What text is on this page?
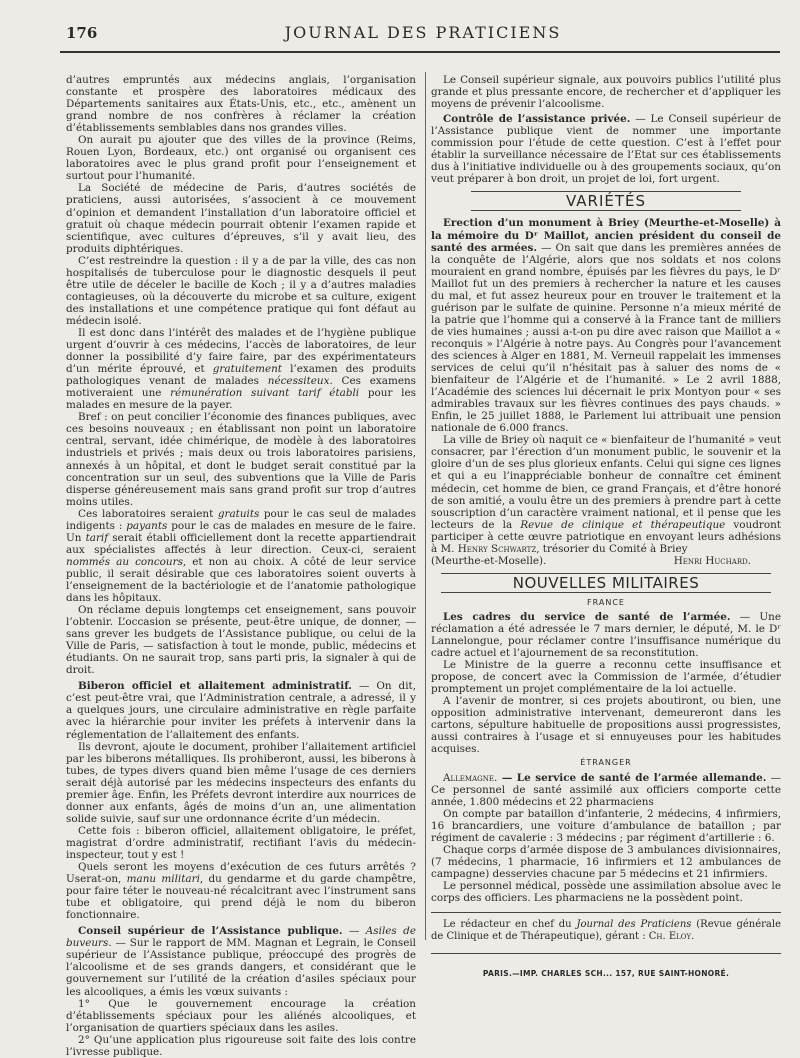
176	JOURNAL DES PRATICIENS

d’autres empruntés aux médecins anglais, l’organisation constante et prospère des laboratoires médicaux des Départements sanitaires aux États-Unis, etc., etc., amènent un grand nombre de nos confrères à réclamer la création d’établissements semblables dans nos grandes villes.

On aurait pu ajouter que des villes de la province (Reims, Rouen Lyon, Bordeaux, etc.) ont organisé ou organisent ces laboratoires avec le plus grand profit pour l’enseignement et surtout pour l’humanité.

La Société de médecine de Paris, d’autres sociétés de praticiens, aussi autorisées, s’associent à ce mouvement d’opinion et demandent l’installation d’un laboratoire officiel et gratuit où chaque médecin pourrait obtenir l’examen rapide et scientifique, avec cultures d’épreuves, s’il y avait lieu, des produits diphtériques.

C’est restreindre la question : il y a de par la ville, des cas non hospitalisés de tuberculose pour le diagnostic desquels il peut être utile de déceler le bacille de Koch ; il y a d’autres maladies contagieuses, où la découverte du microbe et sa culture, exigent des installations et une compétence pratique qui font défaut au médecin isolé.

Il est donc dans l’intérêt des malades et de l’hygiène publique urgent d’ouvrir à ces médecins, l’accès de laboratoires, de leur donner la possibilité d’y faire faire, par des expérimentateurs d’un mérite éprouvé, et gratuitement l’examen des produits pathologiques venant de malades nécessiteux. Ces examens motiveraient une rémunération suivant tarif établi pour les malades en mesure de la payer.

Bref : on peut concilier l’économie des finances publiques, avec ces besoins nouveaux ; en établissant non point un laboratoire central, servant, idée chimérique, de modèle à des laboratoires industriels et privés ; mais deux ou trois laboratoires parisiens, annexés à un hôpital, et dont le budget serait constitué par la concentration sur un seul, des subventions que la Ville de Paris disperse généreusement mais sans grand profit sur trop d’autres moins utiles.

Ces laboratoires seraient gratuits pour le cas seul de malades indigents : payants pour le cas de malades en mesure de le faire. Un tarif serait établi officiellement dont la recette appartiendrait aux spécialistes affectés à leur direction. Ceux-ci, seraient nommés au concours, et non au choix. A côté de leur service public, il serait désirable que ces laboratoires soient ouverts à l’enseignement de la bactériologie et de l’anatomie pathologique dans les hôpitaux.

On réclame depuis longtemps cet enseignement, sans pouvoir l’obtenir. L’occasion se présente, peut-être unique, de donner, — sans grever les budgets de l’Assistance publique, ou celui de la Ville de Paris, — satisfaction à tout le monde, public, médecins et étudiants. On ne saurait trop, sans parti pris, la signaler à qui de droit.

Biberon officiel et allaitement administratif. — On dit, c’est peut-être vrai, que l’Administration centrale, a adressé, il y a quelques jours, une circulaire administrative en règle parfaite avec la hiérarchie pour inviter les préfets à intervenir dans la réglementation de l’allaitement des enfants.

Ils devront, ajoute le document, prohiber l’allaitement artificiel par les biberons métalliques. Ils prohiberont, aussi, les biberons à tubes, de types divers quand bien même l’usage de ces derniers serait déjà autorisé par les médecins inspecteurs des enfants du premier âge. Enfin, les Préfets devront interdire aux nourrices de donner aux enfants, âgés de moins d’un an, une alimentation solide suivie, sauf sur une ordonnance écrite d’un médecin.

Cette fois : biberon officiel, allaitement obligatoire, le préfet, magistrat d’ordre administratif, rectifiant l’avis du médecin-inspecteur, tout y est !

Quels seront les moyens d’exécution de ces futurs arrêtés ? Userat-on, manu militari, du gendarme et du garde champêtre, pour faire téter le nouveau-né récalcitrant avec l’instrument sans tube et obligatoire, qui prend déjà le nom du biberon fonctionnaire.

Conseil supérieur de l’Assistance publique. — Asiles de buveurs. — Sur le rapport de MM. Magnan et Legrain, le Conseil supérieur de l’Assistance publique, préoccupé des progrès de l’alcoolisme et de ses grands dangers, et considérant que le gouvernement sur l’utilité de la création d’asiles spéciaux pour les alcooliques, a émis les vœux suivants :

1° Que le gouvernement encourage la création d’établissements spéciaux pour les aliénés alcooliques, et l’organisation de quartiers spéciaux dans les asiles.

2° Qu’une application plus rigoureuse soit faite des lois contre l’ivresse publique.

Le Conseil supérieur signale, aux pouvoirs publics l’utilité plus grande et plus pressante encore, de rechercher et d’appliquer les moyens de prévenir l’alcoolisme.

Contrôle de l’assistance privée. — Le Conseil supérieur de l’Assistance publique vient de nommer une importante commission pour l’étude de cette question. C’est à l’effet pour établir la surveillance nécessaire de l’Etat sur ces établissements dus à l’initiative individuelle ou à des groupements sociaux, qu’on veut préparer à bon droit, un projet de loi, fort urgent.

VARIÉTÉS

Erection d’un monument à Briey (Meurthe-et-Moselle) à la mémoire du Dʳ Maillot, ancien président du conseil de santé des armées. — On sait que dans les premières années de la conquête de l’Algérie, alors que nos soldats et nos colons mouraient en grand nombre, épuisés par les fièvres du pays, le Dʳ Maillot fut un des premiers à rechercher la nature et les causes du mal, et fut assez heureux pour en trouver le traitement et la guérison par le sulfate de quinine. Personne n’a mieux mérité de la patrie que l’homme qui a conservé à la France tant de milliers de vies humaines ; aussi a-t-on pu dire avec raison que Maillot a « reconquis » l’Algérie à notre pays. Au Congrès pour l’avancement des sciences à Alger en 1881, M. Verneuil rappelait les immenses services de celui qu’il n’hésitait pas à saluer des noms de « bienfaiteur de l’Algérie et de l’humanité. » Le 2 avril 1888, l’Académie des sciences lui décernait le prix Montyon pour « ses admirables travaux sur les fièvres continues des pays chauds. » Enfin, le 25 juillet 1888, le Parlement lui attribuait une pension nationale de 6.000 francs.

La ville de Briey où naquit ce « bienfaiteur de l’humanité » veut consacrer, par l’érection d’un monument public, le souvenir et la gloire d’un de ses plus glorieux enfants. Celui qui signe ces lignes et qui a eu l’inappréciable bonheur de connaître cet éminent médecin, cet homme de bien, ce grand Français, et d’être honoré de son amitié, a voulu être un des premiers à prendre part à cette souscription d’un caractère vraiment national, et il pense que les lecteurs de la Revue de clinique et thérapeutique voudront participer à cette œuvre patriotique en envoyant leurs adhésions à M. Henry Schwartz, trésorier du Comité à Briey

(Meurthe-et-Moselle).	Henri Huchard.
NOUVELLES MILITAIRES
FRANCE

Les cadres du service de santé de l’armée. — Une réclamation a été adressée le 7 mars dernier, le député, M. le Dʳ Lannelongue, pour réclamer contre l’insuffisance numérique du cadre actuel et l’ajournement de sa reconstitution.

Le Ministre de la guerre a reconnu cette insuffisance et propose, de concert avec la Commission de l’armée, d’étudier promptement un projet complémentaire de la loi actuelle.

A l’avenir de montrer, si ces projets aboutiront, ou bien, une opposition administrative intervenant, demeureront dans les cartons, sépulture habituelle de propositions aussi progressistes, aussi contraires à l’usage et si ennuyeuses pour les habitudes acquises.

ÉTRANGER

Allemagne. — Le service de santé de l’armée allemande. — Ce personnel de santé assimilé aux officiers comporte cette année, 1.800 médecins et 22 pharmaciens

On compte par bataillon d’infanterie, 2 médecins, 4 infirmiers, 16 brancardiers, une voiture d’ambulance de bataillon ; par régiment de cavalerie : 3 médecins ; par régiment d’artillerie : 6.

Chaque corps d’armée dispose de 3 ambulances divisionnaires, (7 médecins, 1 pharmacie, 16 infirmiers et 12 ambulances de campagne) desservies chacune par 5 médecins et 21 infirmiers.

Le personnel médical, possède une assimilation absolue avec le corps des officiers. Les pharmaciens ne la possèdent point.

Le rédacteur en chef du Journal des Praticiens (Revue générale de Clinique et de Thérapeutique), gérant : Ch. Eloy.

PARIS.—IMP. CHARLES SCH... 157, RUE SAINT-HONORÉ.
